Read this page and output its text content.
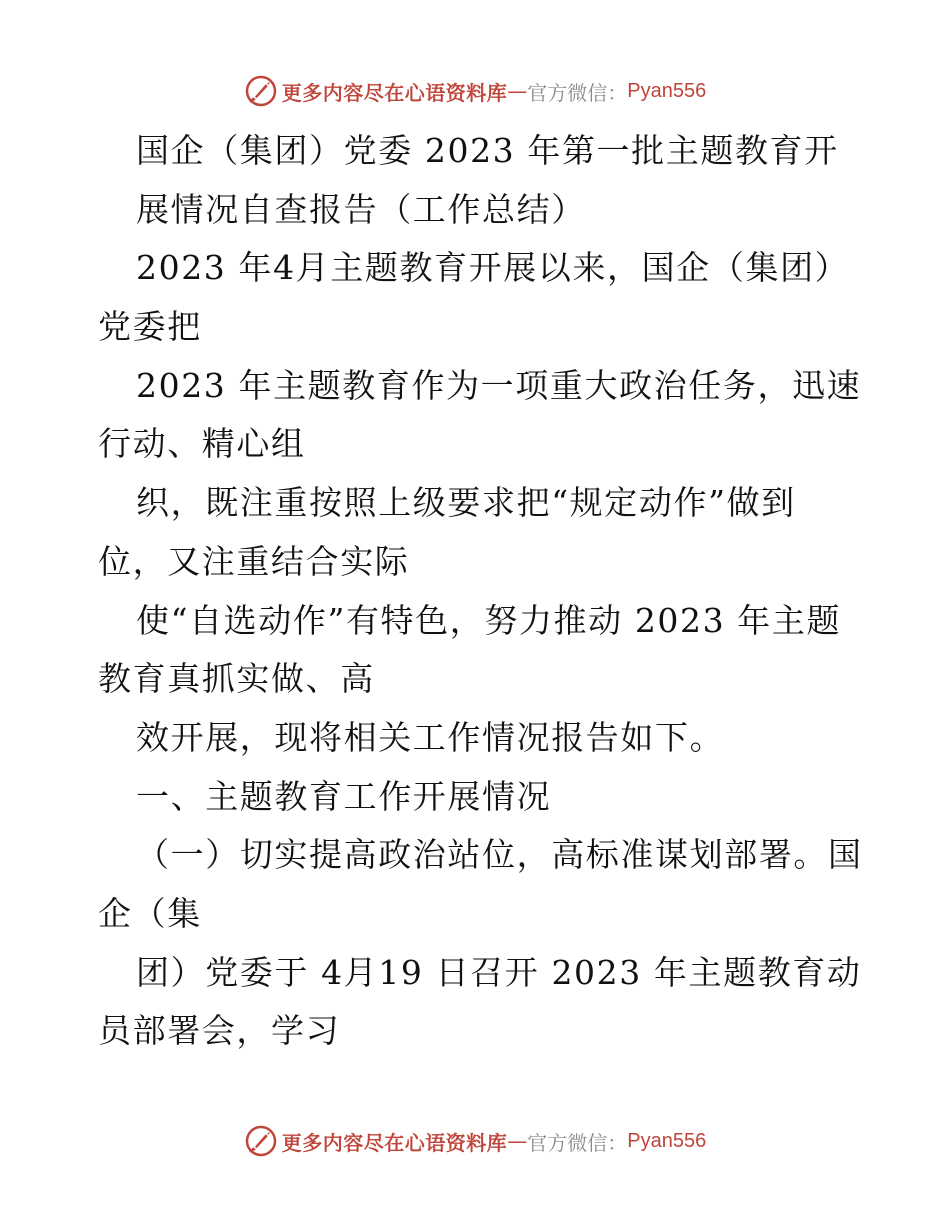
更多内容尽在心语资料库 — 官方微信： Pyan556
国企（集团）党委 2023 年第一批主题教育开
展情况自查报告（工作总结）
2023 年4月主题教育开展以来，国企（集团）
党委把
2023 年主题教育作为一项重大政治任务，迅速
行动、精心组
织，既注重按照上级要求把“规定动作”做到
位，又注重结合实际
使“自选动作”有特色，努力推动 2023 年主题
教育真抓实做、高
效开展，现将相关工作情况报告如下。
一、主题教育工作开展情况
（一）切实提高政治站位，高标准谋划部署。国
企（集
团）党委于 4月19 日召开 2023 年主题教育动
员部署会，学习
更多内容尽在心语资料库 — 官方微信： Pyan556
